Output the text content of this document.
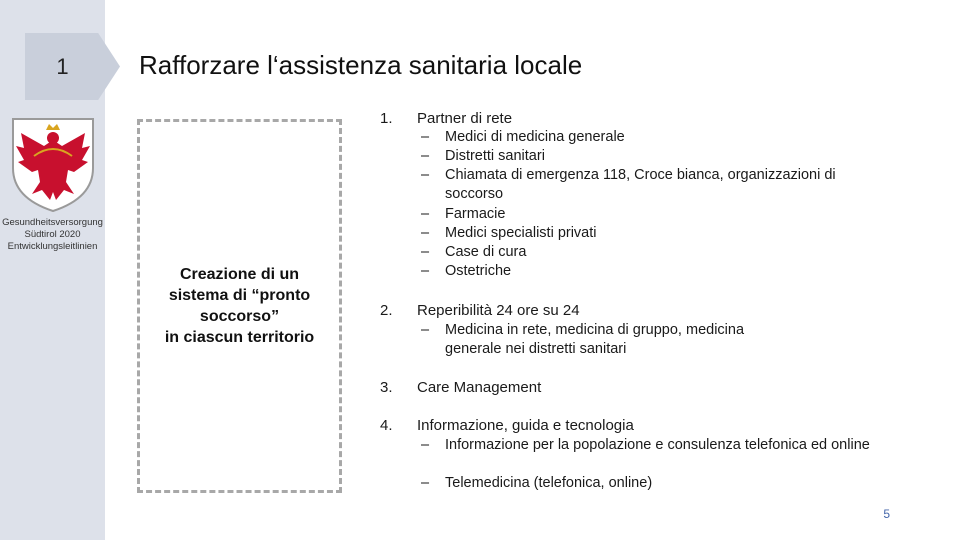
1	Rafforzare l‘assistenza sanitaria locale
Gesundheitsversorgung
Südtirol 2020
Entwicklungsleitlinien
Creazione di un
sistema di “pronto
soccorso”
in ciascun territorio
1. Partner di rete
– Medici di medicina generale
– Distretti sanitari
– Chiamata di emergenza 118, Croce bianca, organizzazioni di soccorso
– Farmacie
– Medici specialisti privati
– Case di cura
– Ostetriche
2. Reperibilità 24 ore su 24
– Medicina in rete, medicina di gruppo, medicina generale nei distretti sanitari
3. Care Management
4. Informazione, guida e tecnologia
– Informazione per la popolazione e consulenza telefonica ed online
– Telemedicina (telefonica, online)
5
